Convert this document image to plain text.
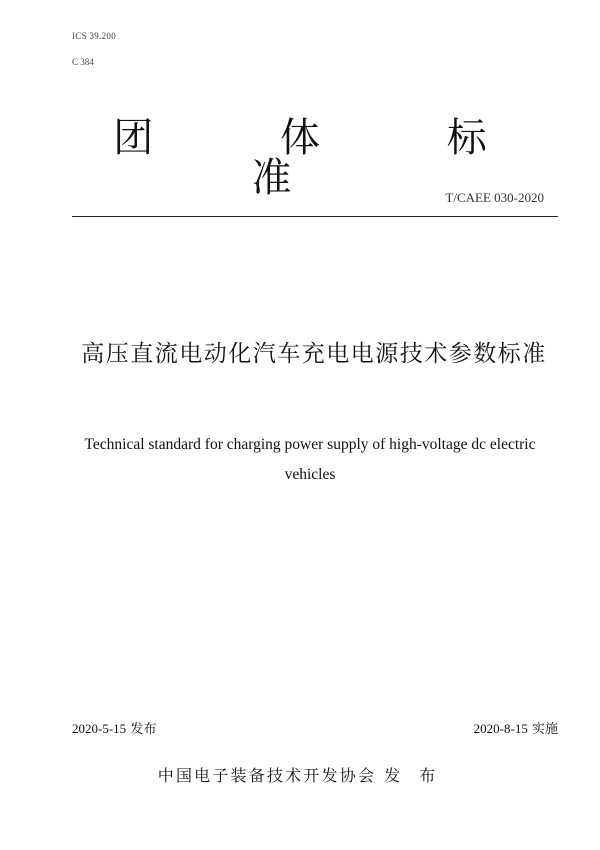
ICS 39.200
C 384
团 体 标 准	T/CAEE 030-2020
高压直流电动化汽车充电电源技术参数标准
Technical standard for charging power supply of high-voltage dc electric vehicles
2020-5-15 发布	2020-8-15 实施
中国电子装备技术开发协会 发 布
